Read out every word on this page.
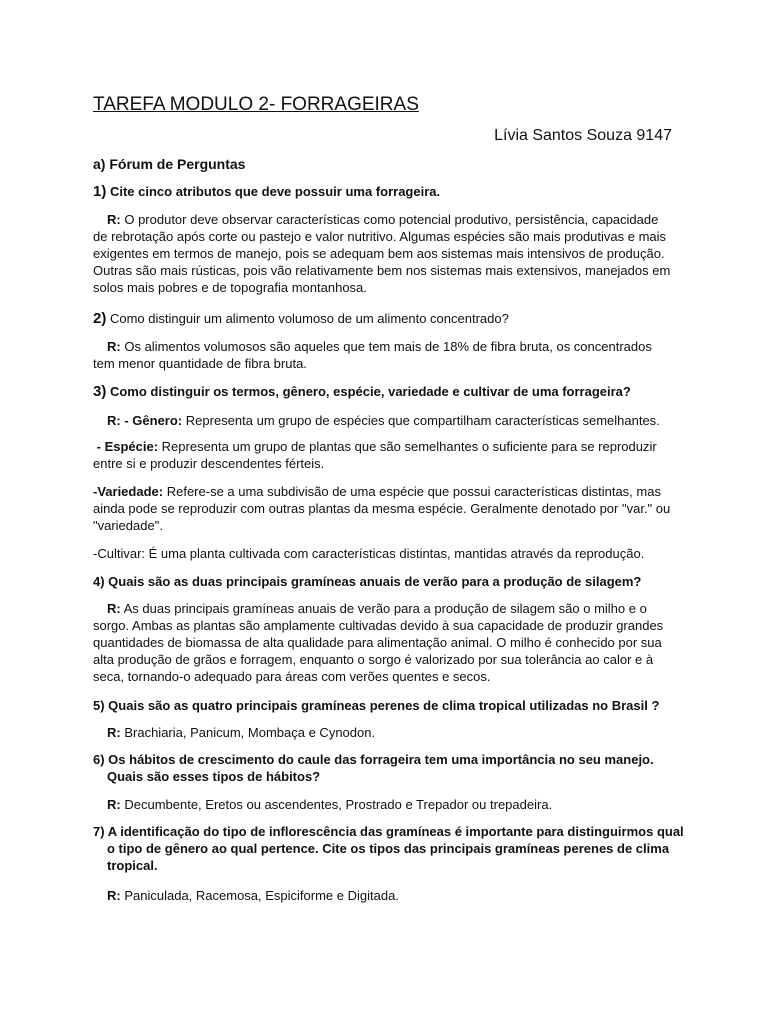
TAREFA MODULO 2- FORRAGEIRAS
Lívia Santos Souza 9147
a) Fórum de Perguntas

1) Cite cinco atributos que deve possuir uma forrageira.

R: O produtor deve observar características como potencial produtivo, persistência, capacidade de rebrotação após corte ou pastejo e valor nutritivo. Algumas espécies são mais produtivas e mais exigentes em termos de manejo, pois se adequam bem aos sistemas mais intensivos de produção. Outras são mais rústicas, pois vão relativamente bem nos sistemas mais extensivos, manejados em solos mais pobres e de topografia montanhosa.

2) Como distinguir um alimento volumoso de um alimento concentrado?

R: Os alimentos volumosos são aqueles que tem mais de 18% de fibra bruta, os concentrados tem menor quantidade de fibra bruta.

3) Como distinguir os termos, gênero, espécie, variedade e cultivar de uma forrageira?

R: - Gênero: Representa um grupo de espécies que compartilham características semelhantes.

- Espécie: Representa um grupo de plantas que são semelhantes o suficiente para se reproduzir entre si e produzir descendentes férteis.

-Variedade: Refere-se a uma subdivisão de uma espécie que possui características distintas, mas ainda pode se reproduzir com outras plantas da mesma espécie. Geralmente denotado por "var." ou "variedade".

-Cultivar: É uma planta cultivada com características distintas, mantidas através da reprodução.

4) Quais são as duas principais gramíneas anuais de verão para a produção de silagem?

R: As duas principais gramíneas anuais de verão para a produção de silagem são o milho e o sorgo. Ambas as plantas são amplamente cultivadas devido à sua capacidade de produzir grandes quantidades de biomassa de alta qualidade para alimentação animal. O milho é conhecido por sua alta produção de grãos e forragem, enquanto o sorgo é valorizado por sua tolerância ao calor e à seca, tornando-o adequado para áreas com verões quentes e secos.

5) Quais são as quatro principais gramíneas perenes de clima tropical utilizadas no Brasil ?

R: Brachiaria, Panicum, Mombaça e Cynodon.

6) Os hábitos de crescimento do caule das forrageira tem uma importância no seu manejo. Quais são esses tipos de hábitos?

R: Decumbente, Eretos ou ascendentes, Prostrado e Trepador ou trepadeira.

7) A identificação do tipo de inflorescência das gramíneas é importante para distinguirmos qual o tipo de gênero ao qual pertence. Cite os tipos das principais gramíneas perenes de clima tropical.

R: Paniculada, Racemosa, Espiciforme e Digitada.
